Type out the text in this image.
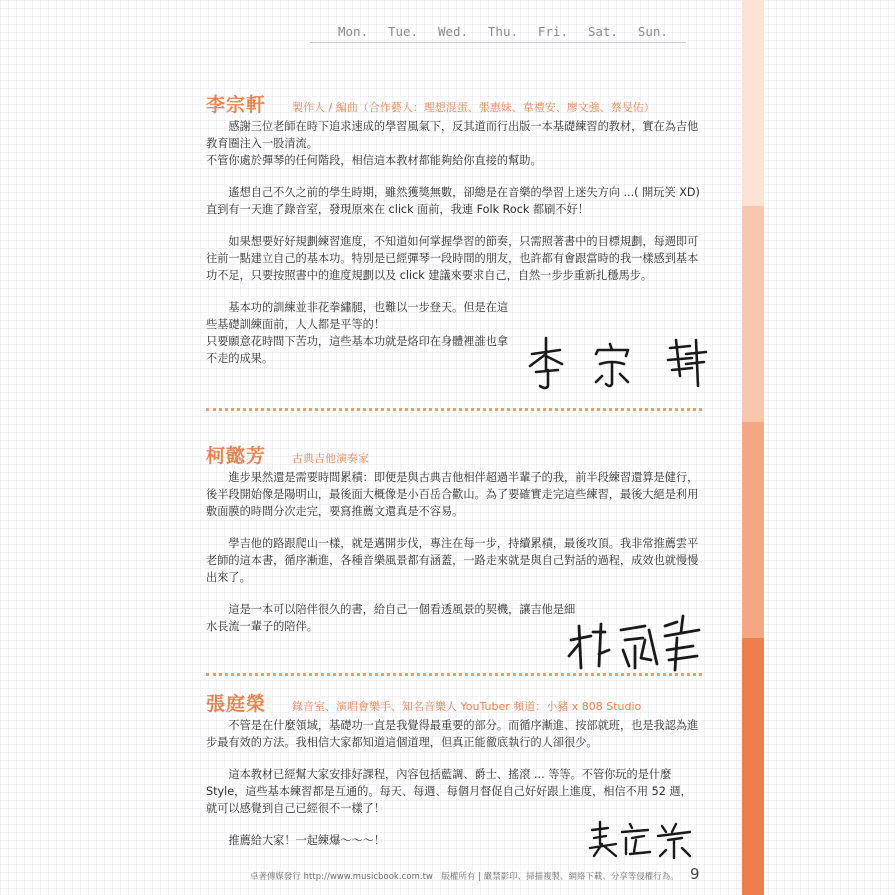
Mon. Tue. Wed. Thu. Fri. Sat. Sun.
李宗軒 製作人 / 編曲（合作藝人：理想混蛋、張惠妹、韋禮安、廖文強、蔡旻佑）

　　感謝三位老師在時下追求速成的學習風氣下，反其道而行出版一本基礎練習的教材，實在為吉他教育圈注入一股清流。
不管你處於彈琴的任何階段，相信這本教材都能夠給你直接的幫助。

　　遙想自己不久之前的學生時期，雖然獲獎無數，卻總是在音樂的學習上迷失方向 ...( 開玩笑 XD) 直到有一天進了錄音室，發現原來在 click 面前，我連 Folk Rock 都刷不好！

　　如果想要好好規劃練習進度，不知道如何掌握學習的節奏，只需照著書中的目標規劃，每週即可往前一點建立自己的基本功。特別是已經彈琴一段時間的朋友，也許都有會跟當時的我一樣感到基本功不足，只要按照書中的進度規劃以及 click 建議來要求自己，自然一步步重新扎穩馬步。

　　基本功的訓練並非花拳繡腿，也難以一步登天。但是在這些基礎訓練面前，人人都是平等的！
只要願意花時間下苦功，這些基本功就是烙印在身體裡誰也拿不走的成果。

柯懿芳 古典吉他演奏家

　　進步果然還是需要時間累積：即便是與古典吉他相伴超過半輩子的我，前半段練習還算是健行，後半段開始像是陽明山，最後面大概像是小百岳合歡山。為了要確實走完這些練習，最後大絕是利用敷面膜的時間分次走完，要寫推薦文還真是不容易。

　　學吉他的路跟爬山一樣，就是邁開步伐，專注在每一步，持續累積，最後攻頂。我非常推薦雲平老師的這本書，循序漸進，各種音樂風景都有涵蓋，一路走來就是與自己對話的過程，成效也就慢慢出來了。

　　這是一本可以陪伴很久的書，給自己一個看透風景的契機，讓吉他是細水長流一輩子的陪伴。

張庭榮 錄音室、演唱會樂手、知名音樂人 YouTuber 頻道：小豬 x 808 Studio

　　不管是在什麼領域，基礎功一直是我覺得最重要的部分。而循序漸進、按部就班，也是我認為進步最有效的方法。我相信大家都知道這個道理，但真正能徹底執行的人卻很少。

　　這本教材已經幫大家安排好課程，內容包括藍調、爵士、搖滾 ... 等等。不管你玩的是什麼 Style，這些基本練習都是互通的。每天、每週、每個月督促自己好好跟上進度，相信不用 52 週，就可以感覺到自己已經很不一樣了！

　　推薦給大家！一起練爆～～～！

卓著傳媒發行 http://www.musicbook.com.tw　版權所有 | 嚴禁影印、掃描複製、網絡下載、分享等侵權行為。 9
